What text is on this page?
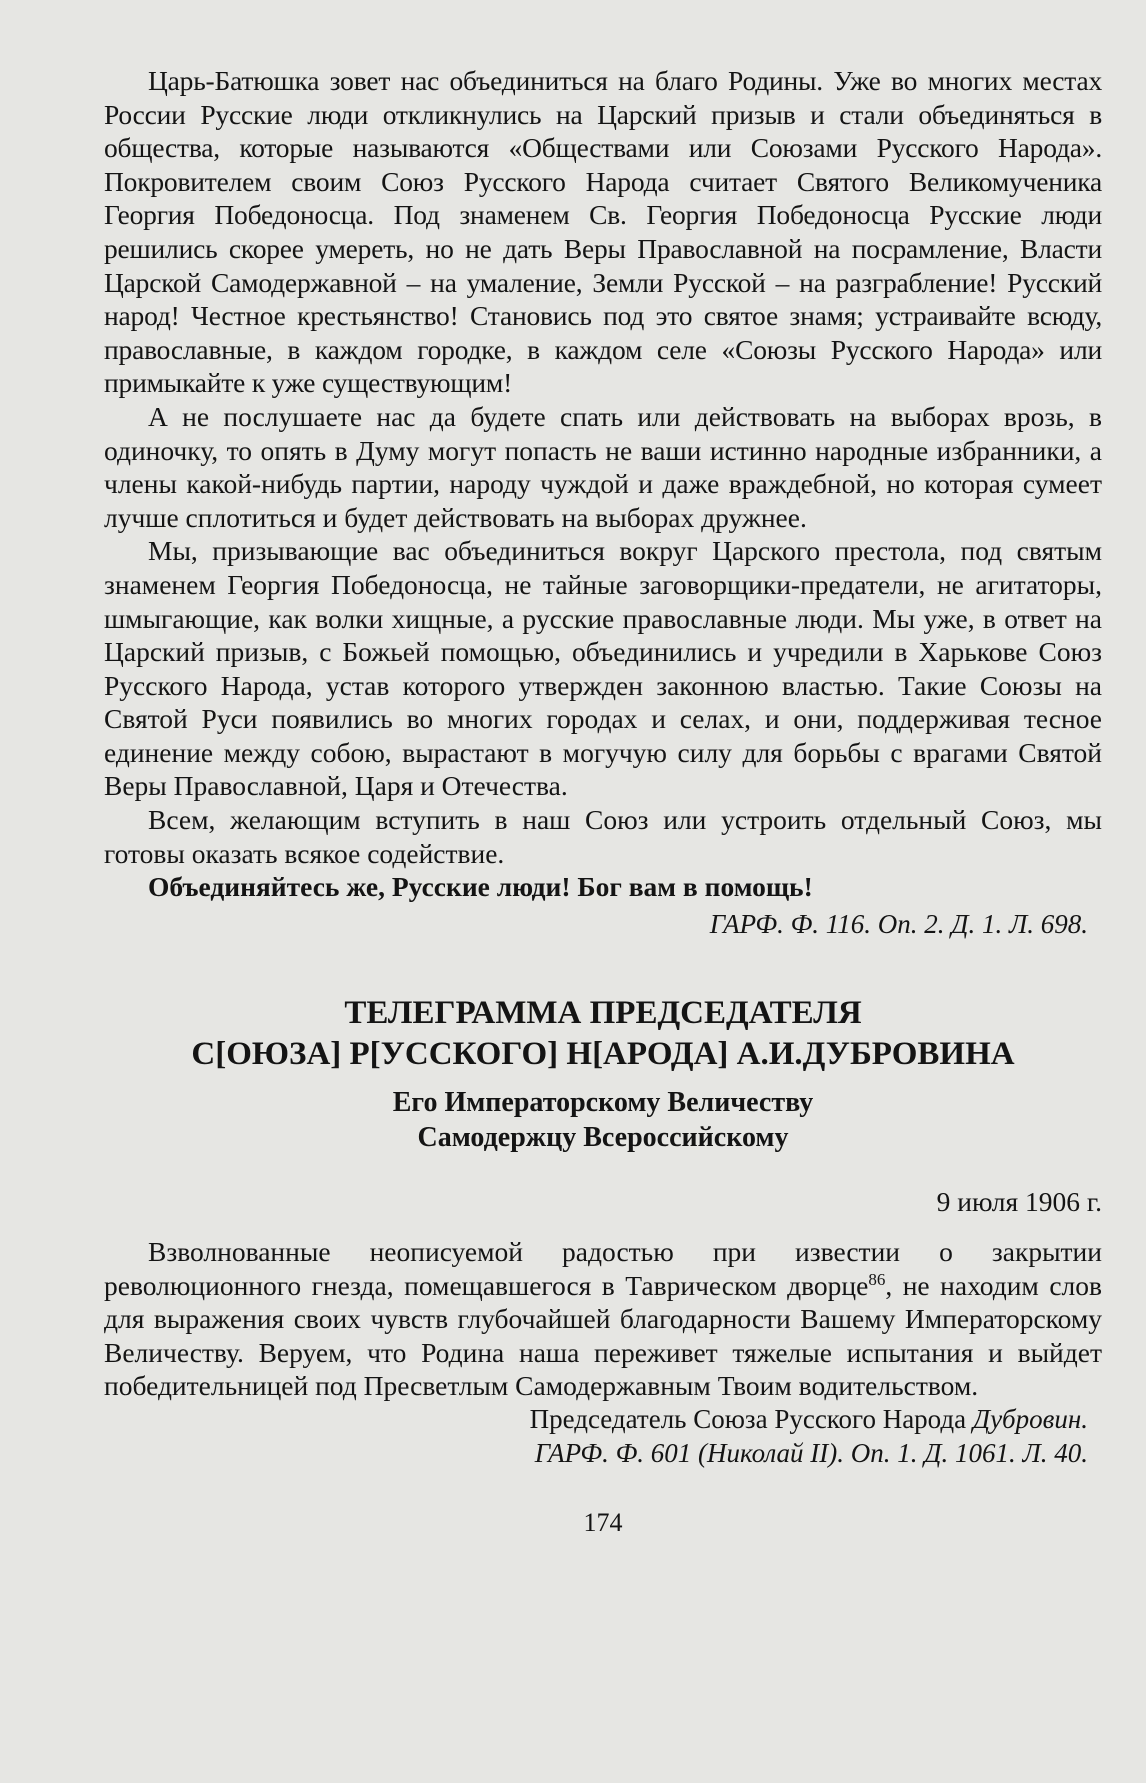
Царь-Батюшка зовет нас объединиться на благо Родины. Уже во многих местах России Русские люди откликнулись на Царский призыв и стали объединяться в общества, которые называются «Обществами или Союзами Русского Народа». Покровителем своим Союз Русского Народа считает Святого Великомученика Георгия Победоносца. Под знаменем Св. Георгия Победоносца Русские люди решились скорее умереть, но не дать Веры Православной на посрамление, Власти Царской Самодержавной – на умаление, Земли Русской – на разграбление! Русский народ! Честное крестьянство! Становись под это святое знамя; устраивайте всюду, православные, в каждом городке, в каждом селе «Союзы Русского Народа» или примыкайте к уже существующим!

А не послушаете нас да будете спать или действовать на выборах врозь, в одиночку, то опять в Думу могут попасть не ваши истинно народные избранники, а члены какой-нибудь партии, народу чуждой и даже враждебной, но которая сумеет лучше сплотиться и будет действовать на выборах дружнее.

Мы, призывающие вас объединиться вокруг Царского престола, под святым знаменем Георгия Победоносца, не тайные заговорщики-предатели, не агитаторы, шмыгающие, как волки хищные, а русские православные люди. Мы уже, в ответ на Царский призыв, с Божьей помощью, объединились и учредили в Харькове Союз Русского Народа, устав которого утвержден законною властью. Такие Союзы на Святой Руси появились во многих городах и селах, и они, поддерживая тесное единение между собою, вырастают в могучую силу для борьбы с врагами Святой Веры Православной, Царя и Отечества.

Всем, желающим вступить в наш Союз или устроить отдельный Союз, мы готовы оказать всякое содействие.

Объединяйтесь же, Русские люди! Бог вам в помощь!

ГАРФ. Ф. 116. Оп. 2. Д. 1. Л. 698.

ТЕЛЕГРАММА ПРЕДСЕДАТЕЛЯ

С[ОЮЗА] Р[УССКОГО] Н[АРОДА] А.И.ДУБРОВИНА

Его Императорскому Величеству

Самодержцу Всероссийскому

9 июля 1906 г.

Взволнованные неописуемой радостью при известии о закрытии революционного гнезда, помещавшегося в Таврическом дворце$^{86}$, не находим слов для выражения своих чувств глубочайшей благодарности Вашему Императорскому Величеству. Веруем, что Родина наша переживет тяжелые испытания и выйдет победительницей под Пресветлым Самодержавным Твоим водительством.

Председатель Союза Русского Народа Дубровин.

ГАРФ. Ф. 601 (Николай II). Оп. 1. Д. 1061. Л. 40.

174
